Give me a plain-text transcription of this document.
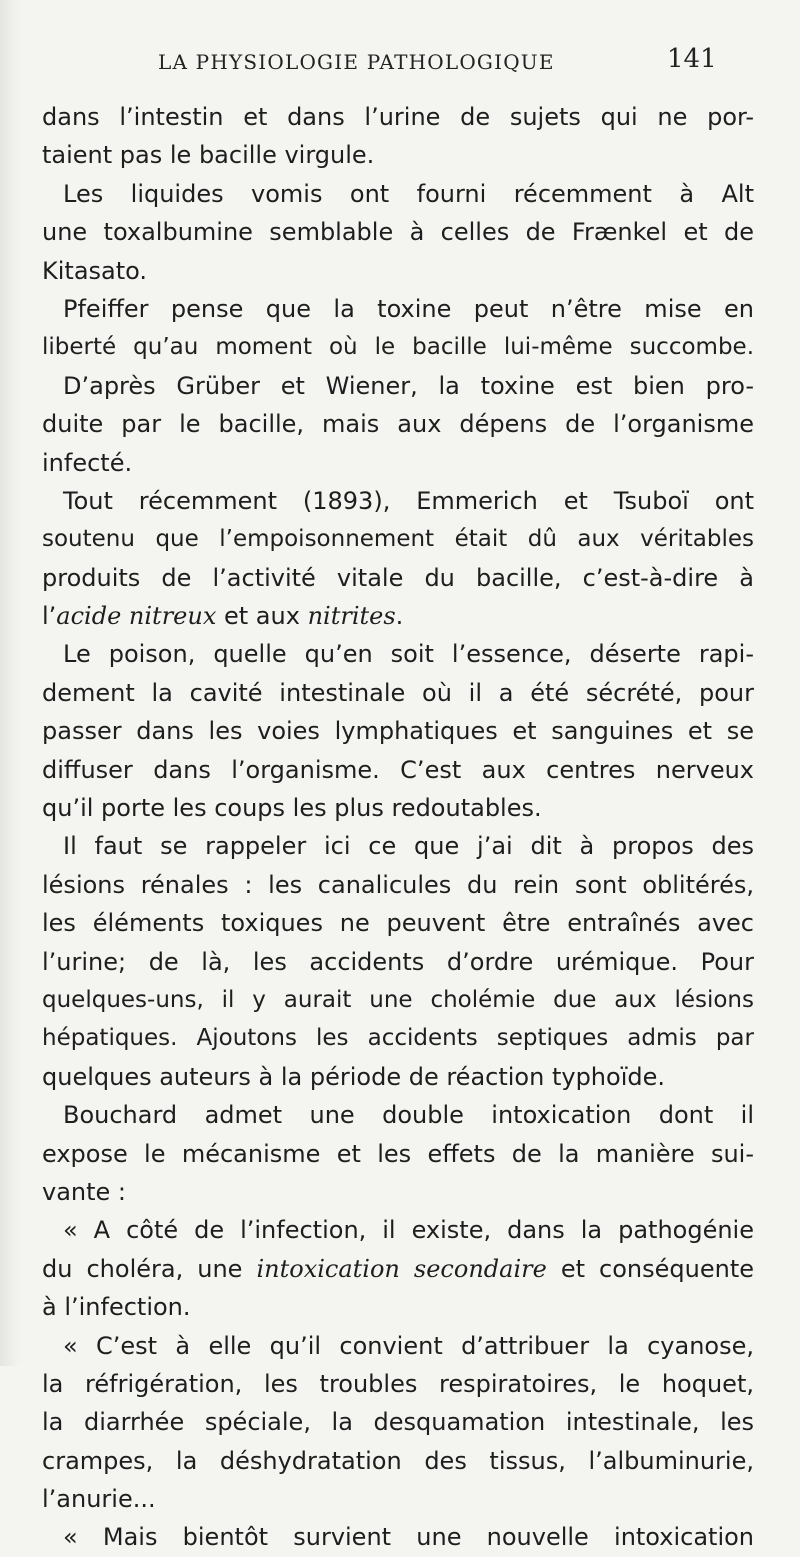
LA PHYSIOLOGIE PATHOLOGIQUE	141
dans l’intestin et dans l’urine de sujets qui ne por-
taient pas le bacille virgule.
Les liquides vomis ont fourni récemment à Alt
une toxalbumine semblable à celles de Frænkel et de
Kitasato.
Pfeiffer pense que la toxine peut n’être mise en
liberté qu’au moment où le bacille lui-même succombe.
D’après Grüber et Wiener, la toxine est bien pro-
duite par le bacille, mais aux dépens de l’organisme
infecté.
Tout récemment (1893), Emmerich et Tsuboï ont
soutenu que l’empoisonnement était dû aux véritables
produits de l’activité vitale du bacille, c’est-à-dire à
l’acide nitreux et aux nitrites.
Le poison, quelle qu’en soit l’essence, déserte rapi-
dement la cavité intestinale où il a été sécrété, pour
passer dans les voies lymphatiques et sanguines et se
diffuser dans l’organisme. C’est aux centres nerveux
qu’il porte les coups les plus redoutables.
Il faut se rappeler ici ce que j’ai dit à propos des
lésions rénales : les canalicules du rein sont oblitérés,
les éléments toxiques ne peuvent être entraînés avec
l’urine; de là, les accidents d’ordre urémique. Pour
quelques-uns, il y aurait une cholémie due aux lésions
hépatiques. Ajoutons les accidents septiques admis par
quelques auteurs à la période de réaction typhoïde.
Bouchard admet une double intoxication dont il
expose le mécanisme et les effets de la manière sui-
vante :
« A côté de l’infection, il existe, dans la pathogénie
du choléra, une intoxication secondaire et conséquente
à l’infection.
« C’est à elle qu’il convient d’attribuer la cyanose,
la réfrigération, les troubles respiratoires, le hoquet,
la diarrhée spéciale, la desquamation intestinale, les
crampes, la déshydratation des tissus, l’albuminurie,
l’anurie...
« Mais bientôt survient une nouvelle intoxication
